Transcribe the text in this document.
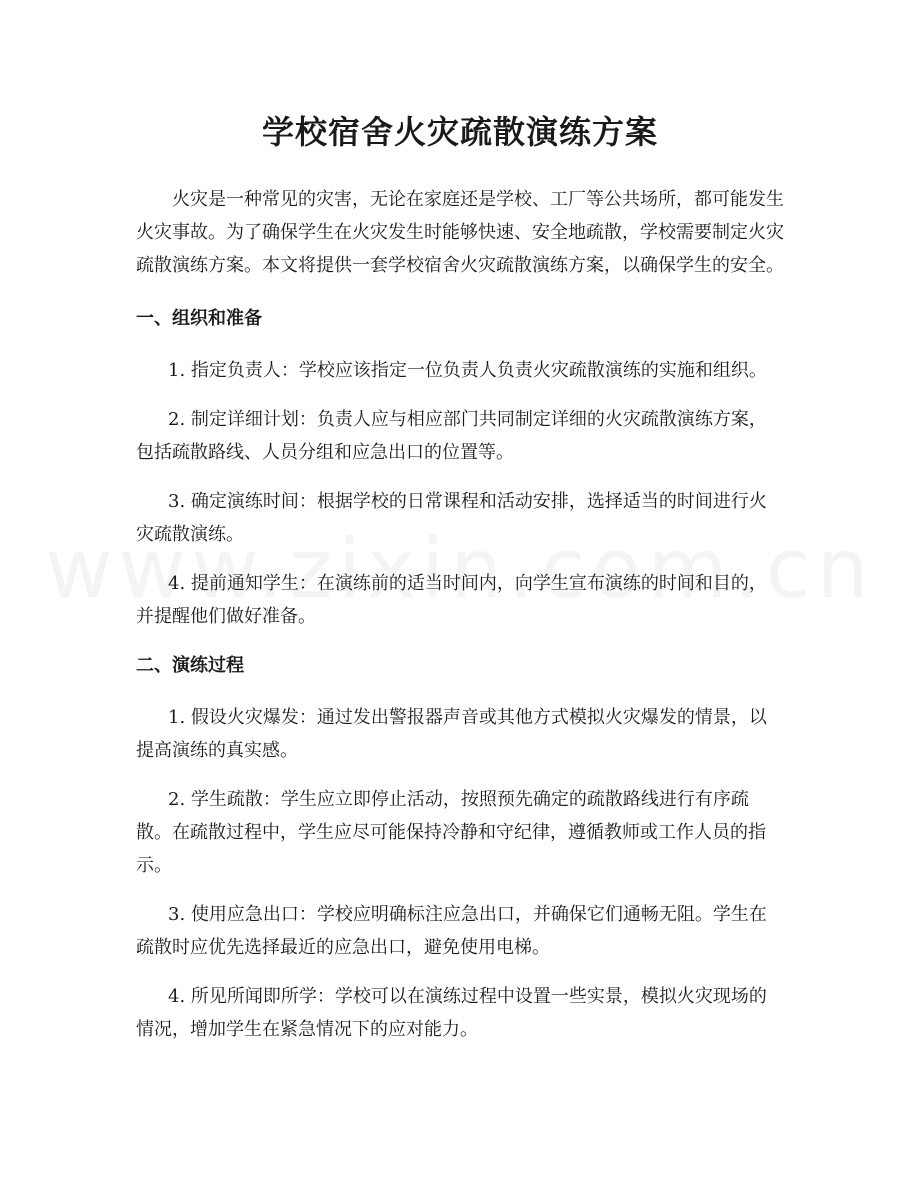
学校宿舍火灾疏散演练方案

火灾是一种常见的灾害，无论在家庭还是学校、工厂等公共场所，都可能发生火灾事故。为了确保学生在火灾发生时能够快速、安全地疏散，学校需要制定火灾疏散演练方案。本文将提供一套学校宿舍火灾疏散演练方案，以确保学生的安全。

一、组织和准备

1. 指定负责人：学校应该指定一位负责人负责火灾疏散演练的实施和组织。

2. 制定详细计划：负责人应与相应部门共同制定详细的火灾疏散演练方案，包括疏散路线、人员分组和应急出口的位置等。

3. 确定演练时间：根据学校的日常课程和活动安排，选择适当的时间进行火灾疏散演练。

4. 提前通知学生：在演练前的适当时间内，向学生宣布演练的时间和目的，并提醒他们做好准备。

二、演练过程

1. 假设火灾爆发：通过发出警报器声音或其他方式模拟火灾爆发的情景，以提高演练的真实感。

2. 学生疏散：学生应立即停止活动，按照预先确定的疏散路线进行有序疏散。在疏散过程中，学生应尽可能保持冷静和守纪律，遵循教师或工作人员的指示。

3. 使用应急出口：学校应明确标注应急出口，并确保它们通畅无阻。学生在疏散时应优先选择最近的应急出口，避免使用电梯。

4. 所见所闻即所学：学校可以在演练过程中设置一些实景，模拟火灾现场的情况，增加学生在紧急情况下的应对能力。
